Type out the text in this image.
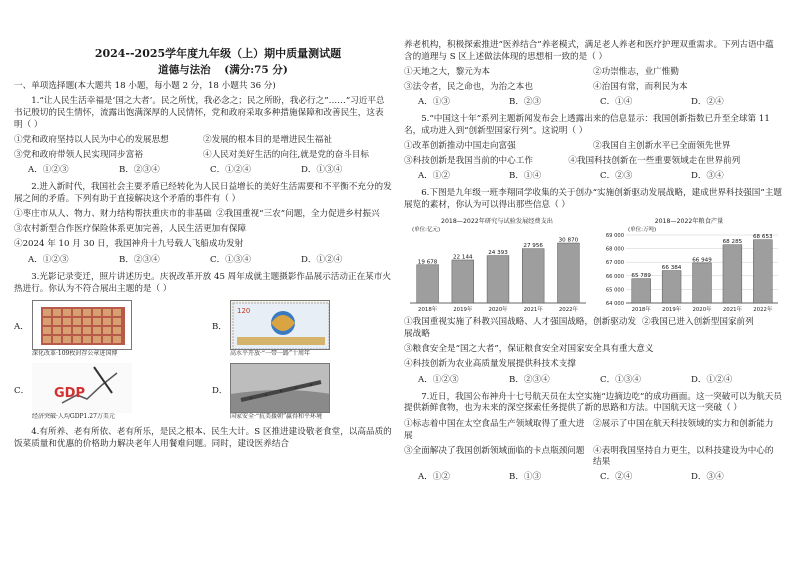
2024--2025学年度九年级（上）期中质量测试题
道德与法治 (满分:75 分)

一、单项选择题(本大题共 18 小题，每小题 2 分，18 小题共 36 分)

1.“让人民生活幸福是‘国之大者’。民之所忧，我必念之；民之所盼，我必行之”……”习近平总书记殷切的民生情怀，流露出饱满深厚的人民情怀，党和政府采取多种措施保障和改善民生，这表明（ ）

①党和政府坚持以人民为中心的发展思想	②发展的根本目的是增进民生福祉
③党和政府带领人民实现同步富裕	④人民对美好生活的向往,就是党的奋斗目标
A．①②③	B．②③④	C．①②④	D．①③④

2.进入新时代，我国社会主要矛盾已经转化为人民日益增长的美好生活需要和不平衡不充分的发展之间的矛盾。下列有助于直接解决这个矛盾的事件有（ ）

①枣庄市从人、物力、财力结构帮扶重庆市的非基础 ②我国重视“三农”问题，全力促进乡村振兴

③农村新型合作医疗保险体系更加完善，人民生活更加有保障

④2024 年 10 月 30 日，我国神舟十九号载人飞船成功发射

A．①②③	B．②③④	C．①③④	D．①②④

3.光影记录变迁，照片讲述历史。庆祝改革开放 45 周年成就主题摄影作品展示活动正在某市火热进行。你认为不符合展出主题的是（ ）

A．
深化改革·109枚封存公章进国博
B．
120
高水平开放·“一带一路”十周年
C． GDP
经济突破·人均GDP1.27万美元
D．
国家安全·“抗美援朝”赢得和平环境

4.有所养、老有所依、老有所乐，是民之根本、民生大计。S 区推进建设敬老食堂，以高品质的饭菜质量和优惠的价格助力解决老年人用餐难问题。同时，建设医养结合

养老机构，积极探索推进“医养结合”养老模式，满足老人养老和医疗护理双重需求。下列古语中蕴含的道理与 S 区上述做法体现的思想相一致的是（ ）

①天地之大，黎元为本	②功崇惟志，业广惟勤
③法令者，民之命也，为治之本也	④治国有常，而利民为本
A．①③	B．②③	C．①④	D．②④

5.“中国这十年”系列主题新闻发布会上透露出来的信息显示：我国创新指数已升至全球第 11 名，成功进入到“创新型国家行列”。这说明（ ）

①改革创新推动中国走向富强	②我国自主创新水平已全面领先世界
③科技创新是我国当前的中心工作	④我国科技创新在一些重要领域走在世界前列
A．①②	B．①④	C．②③	D．③④

6.下图是九年级一班李翔同学收集的关于创办“实施创新驱动发展战略，建成世界科技强国”主题展览的素材，你认为可以得出那些信息（ ）

2018—2022年研究与试验发展经费支出
(单位:亿元)
19 678
2018年
22 144
2019年
24 393
2020年
27 956
2021年
30 870
2022年
2018—2022年粮食产量
(单位:万吨)
64 000
65 000
66 000
67 000
68 000
69 000
65 789
2018年
66 384
2019年
66 949
2020年
68 285
2021年
68 653
2022年
①我国重视实施了科教兴国战略、人才强国战略，创新驱动发展战略
②我国已进入创新型国家前列

③粮食安全是“国之大者”，保证粮食安全对国家安全具有重大意义

④科技创新为农业高质量发展提供科技术支撑

A．①②③	B．②③④	C．①③④	D．①②④

7.近日，我国公布神舟十七号航天员在太空实施“边摘边吃”的成功画面。这一突破可以为航天员提供新鲜食物，也为未来的深空探索任务提供了新的思路和方法。中国航天这一突破（ ）

①标志着中国在太空食品生产领域取得了重大进展
②展示了中国在航天科技领域的实力和创新能力
③全面解决了我国创新领域面临的卡点瓶颈问题 ④表明我国坚持自力更生，以科技建设为中心的结果
A．①②	B．①③	C．②④	D．③④
